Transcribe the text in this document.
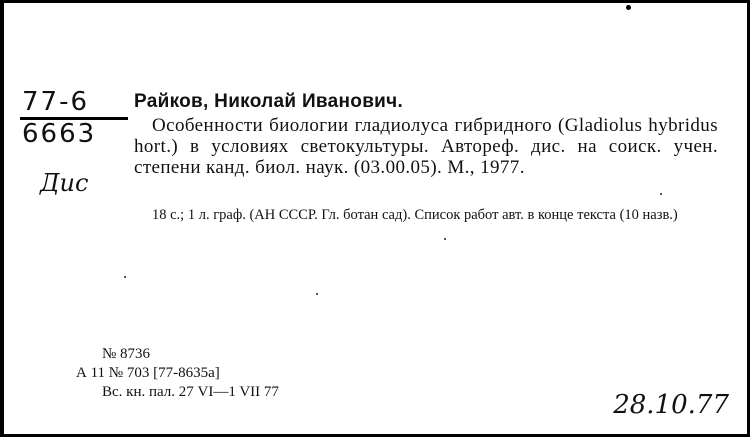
77-6
6663
Дис
Райков, Николай Иванович.
Особенности биологии гладиолуса гибридного (Gladiolus hybridus hort.) в условиях светокультуры. Автореф. дис. на соиск. учен. степени канд. биол. наук. (03.00.05). М., 1977.
18 с.; 1 л. граф. (АН СССР. Гл. ботан сад). Список работ авт. в конце текста (10 назв.)
№ 8736
А 11 № 703 [77-8635а]
Вс. кн. пал. 27 VI—1 VII 77	28.10.77
